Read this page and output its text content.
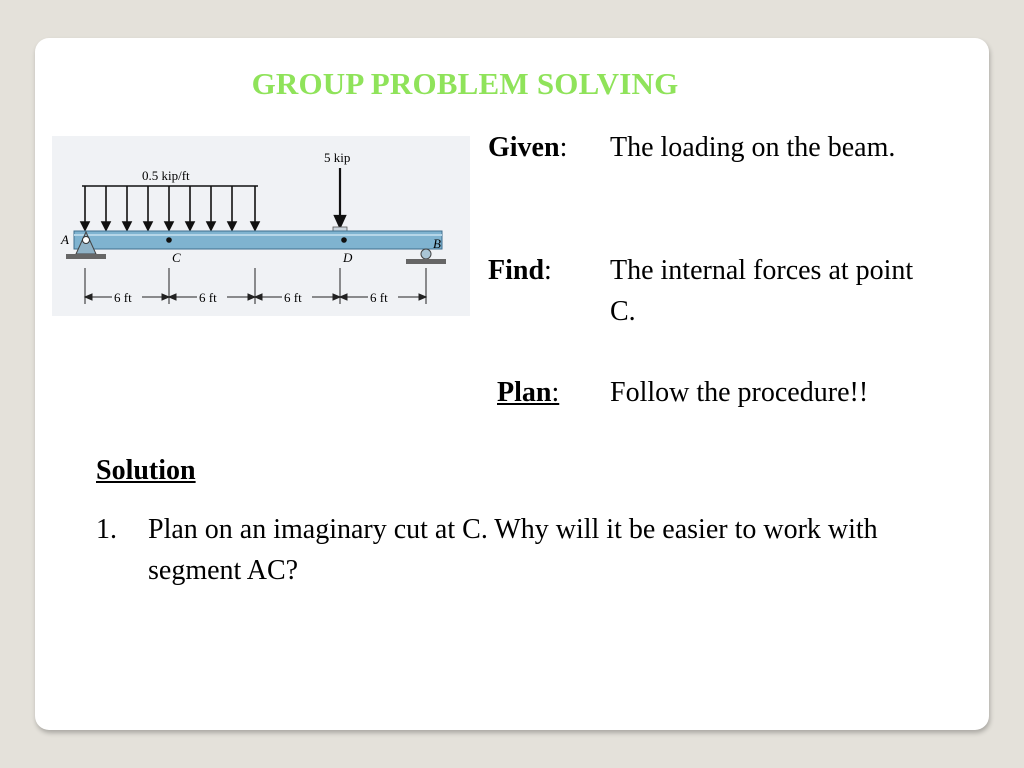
GROUP PROBLEM SOLVING
0.5 kip/ft
5 kip
A
C	D
B
6 ft	6 ft	6 ft	6 ft
Given: The loading on the beam.
Find: The internal forces at point C.
Plan: Follow the procedure!!
Solution
1. Plan on an imaginary cut at C. Why will it be easier to work with segment AC?
